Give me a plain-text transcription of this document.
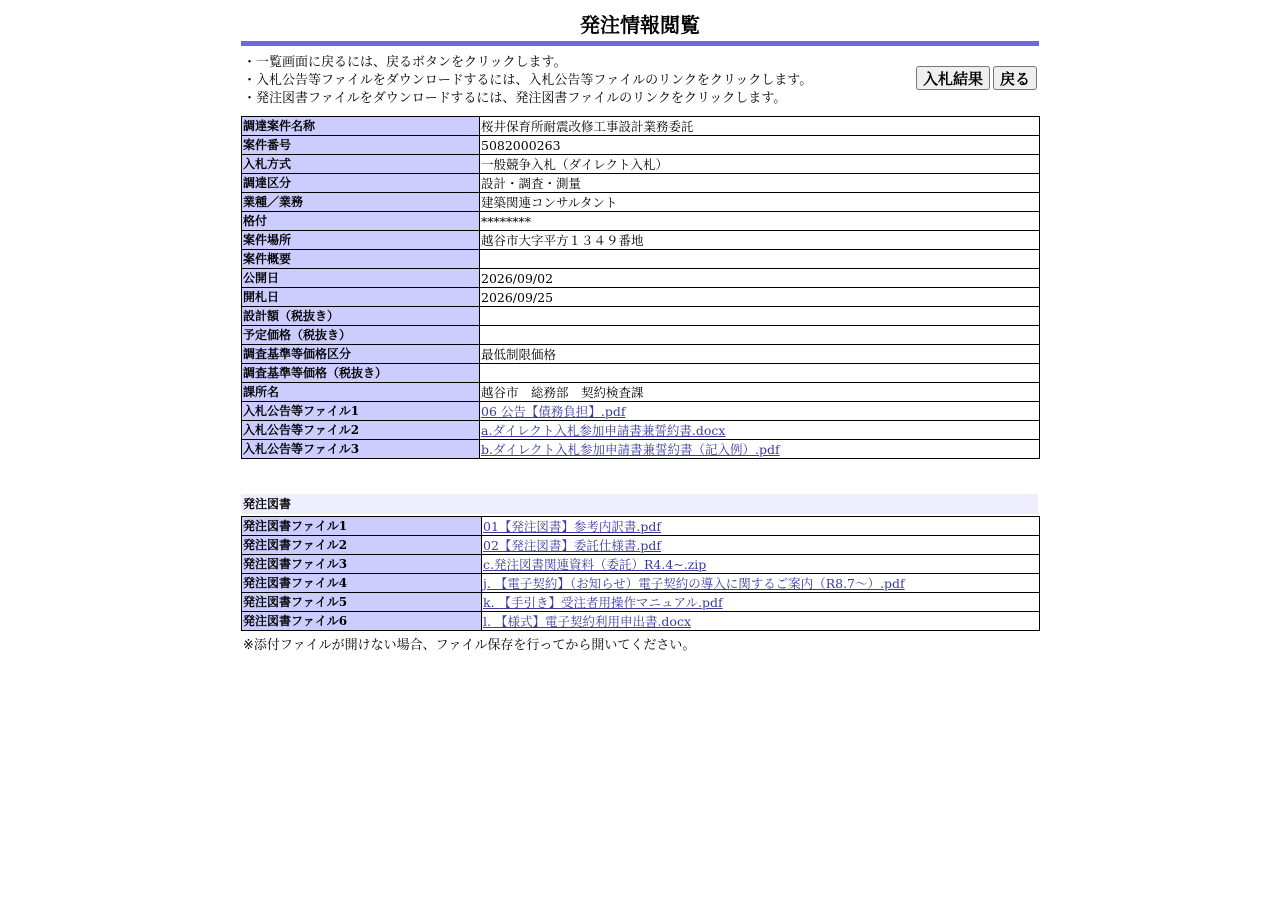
発注情報閲覧
・一覧画面に戻るには、戻るボタンをクリックします。
・入札公告等ファイルをダウンロードするには、入札公告等ファイルのリンクをクリックします。
・発注図書ファイルをダウンロードするには、発注図書ファイルのリンクをクリックします。
入札結果	戻る
調達案件名称	桜井保育所耐震改修工事設計業務委託
案件番号	5082000263
入札方式	一般競争入札（ダイレクト入札）
調達区分	設計・調査・測量
業種／業務	建築関連コンサルタント
格付	********
案件場所	越谷市大字平方１３４９番地
案件概要	
公開日	2026/09/02
開札日	2026/09/25
設計額（税抜き）	
予定価格（税抜き）	
調査基準等価格区分	最低制限価格
調査基準等価格（税抜き）	
課所名	越谷市　総務部　契約検査課
入札公告等ファイル1	06 公告【債務負担】.pdf
入札公告等ファイル2	a.ダイレクト入札参加申請書兼誓約書.docx
入札公告等ファイル3	b.ダイレクト入札参加申請書兼誓約書（記入例）.pdf
発注図書
発注図書ファイル1	01【発注図書】参考内訳書.pdf
発注図書ファイル2	02【発注図書】委託仕様書.pdf
発注図書ファイル3	c.発注図書関連資料（委託）R4.4~.zip
発注図書ファイル4	j. 【電子契約】（お知らせ）電子契約の導入に関するご案内（R8.7～）.pdf
発注図書ファイル5	k. 【手引き】受注者用操作マニュアル.pdf
発注図書ファイル6	l. 【様式】電子契約利用申出書.docx
※添付ファイルが開けない場合、ファイル保存を行ってから開いてください。
